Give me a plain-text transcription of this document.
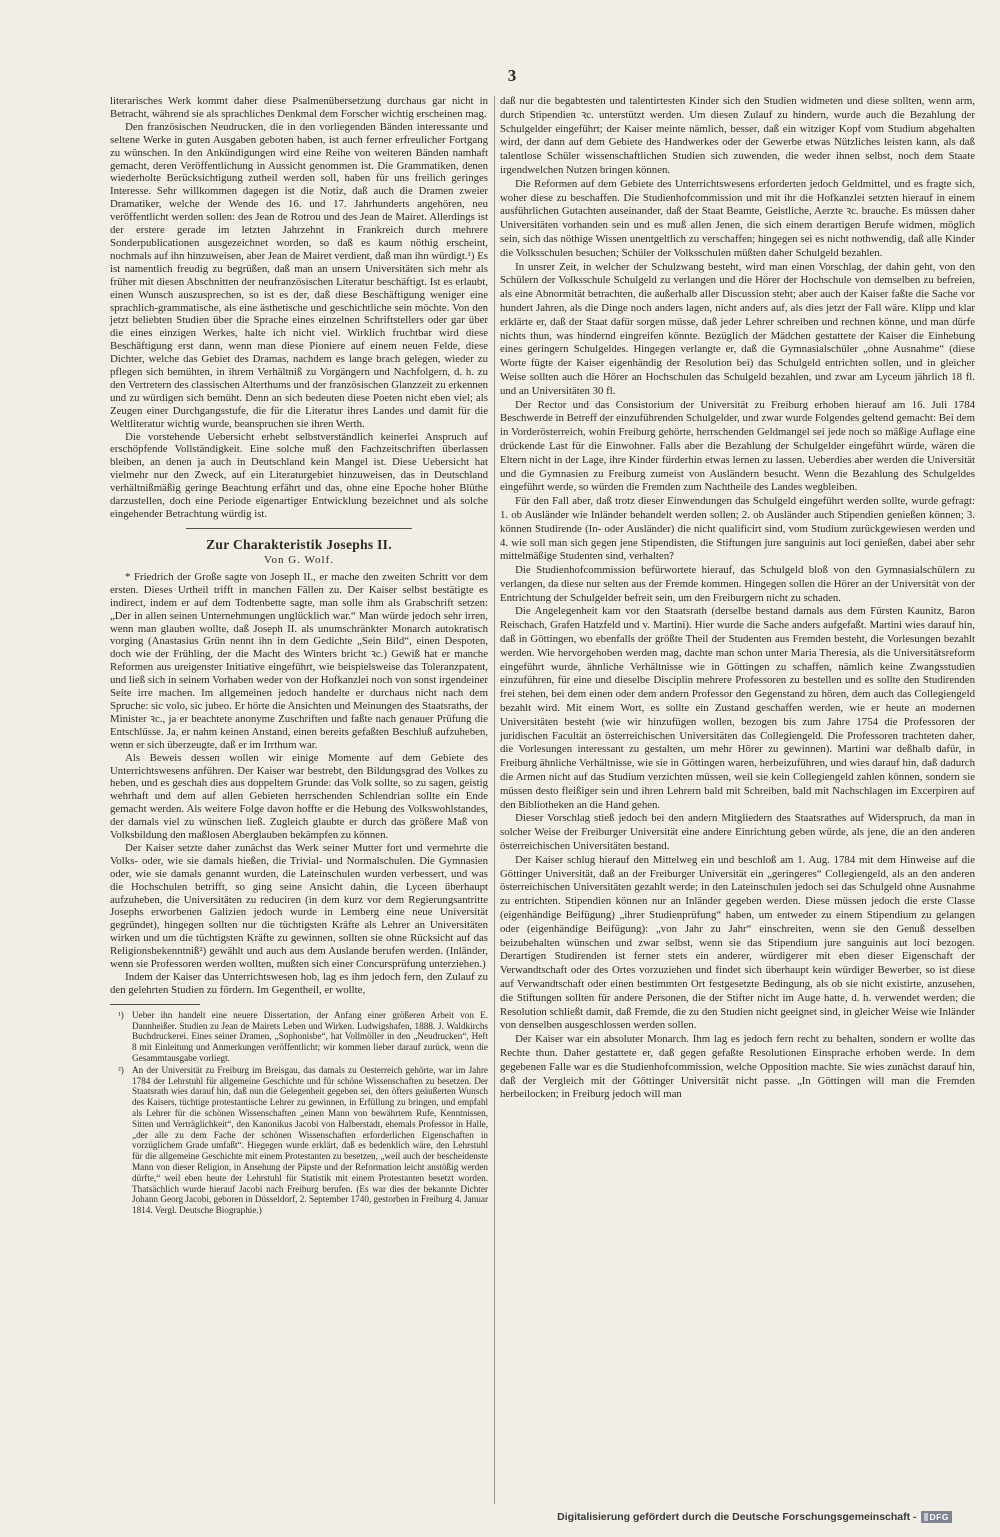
3

literarisches Werk kommt daher diese Psalmenübersetzung durchaus gar nicht in Betracht, während sie als sprachliches Denkmal dem Forscher wichtig erscheinen mag.

Den französischen Neudrucken, die in den vorliegenden Bänden interessante und seltene Werke in guten Ausgaben geboten haben, ist auch ferner erfreulicher Fortgang zu wünschen. In den Ankündigungen wird eine Reihe von weiteren Bänden namhaft gemacht, deren Veröffentlichung in Aussicht genommen ist. Die Grammatiken, denen wiederholte Berücksichtigung zutheil werden soll, haben für uns freilich geringes Interesse. Sehr willkommen dagegen ist die Notiz, daß auch die Dramen zweier Dramatiker, welche der Wende des 16. und 17. Jahrhunderts angehören, neu veröffentlicht werden sollen: des Jean de Rotrou und des Jean de Mairet. Allerdings ist der erstere gerade im letzten Jahrzehnt in Frankreich durch mehrere Sonderpublicationen ausgezeichnet worden, so daß es kaum nöthig erscheint, nochmals auf ihn hinzuweisen, aber Jean de Mairet verdient, daß man ihn würdigt.¹) Es ist namentlich freudig zu begrüßen, daß man an unsern Universitäten sich mehr als früher mit diesen Abschnitten der neufranzösischen Literatur beschäftigt. Ist es erlaubt, einen Wunsch auszusprechen, so ist es der, daß diese Beschäftigung weniger eine sprachlich-grammatische, als eine ästhetische und geschichtliche sein möchte. Von den jetzt beliebten Studien über die Sprache eines einzelnen Schriftstellers oder gar über die eines einzigen Werkes, halte ich nicht viel. Wirklich fruchtbar wird diese Beschäftigung erst dann, wenn man diese Pioniere auf einem neuen Felde, diese Dichter, welche das Gebiet des Dramas, nachdem es lange brach gelegen, wieder zu pflegen sich bemühten, in ihrem Verhältniß zu Vorgängern und Nachfolgern, d. h. zu den Vertretern des classischen Alterthums und der französischen Glanzzeit zu erkennen und zu würdigen sich bemüht. Denn an sich bedeuten diese Poeten nicht eben viel; als Zeugen einer Durchgangsstufe, die für die Literatur ihres Landes und damit für die Weltliteratur wichtig wurde, beanspruchen sie ihren Werth.

Die vorstehende Uebersicht erhebt selbstverständlich keinerlei Anspruch auf erschöpfende Vollständigkeit. Eine solche muß den Fachzeitschriften überlassen bleiben, an denen ja auch in Deutschland kein Mangel ist. Diese Uebersicht hat vielmehr nur den Zweck, auf ein Literaturgebiet hinzuweisen, das in Deutschland verhältnißmäßig geringe Beachtung erfährt und das, ohne eine Epoche hoher Blüthe darzustellen, doch eine Periode eigenartiger Entwicklung bezeichnet und als solche eingehender Betrachtung würdig ist.

Zur Charakteristik Josephs II.
Von G. Wolf.

* Friedrich der Große sagte von Joseph II., er mache den zweiten Schritt vor dem ersten. Dieses Urtheil trifft in manchen Fällen zu. Der Kaiser selbst bestätigte es indirect, indem er auf dem Todtenbette sagte, man solle ihm als Grabschrift setzen: „Der in allen seinen Unternehmungen unglücklich war.“ Man würde jedoch sehr irren, wenn man glauben wollte, daß Joseph II. als unumschränkter Monarch autokratisch vorging (Anastasius Grün nennt ihn in dem Gedichte „Sein Bild“, einen Despoten, doch wie der Frühling, der die Macht des Winters bricht ꝛc.) Gewiß hat er manche Reformen aus ureigenster Initiative eingeführt, wie beispielsweise das Toleranzpatent, und ließ sich in seinem Vorhaben weder von der Hofkanzlei noch von sonst irgendeiner Seite irre machen. Im allgemeinen jedoch handelte er durchaus nicht nach dem Spruche: sic volo, sic jubeo. Er hörte die Ansichten und Meinungen des Staatsraths, der Minister ꝛc., ja er beachtete anonyme Zuschriften und faßte nach genauer Prüfung die Entschlüsse. Ja, er nahm keinen Anstand, einen bereits gefaßten Beschluß aufzuheben, wenn er sich überzeugte, daß er im Irrthum war.

Als Beweis dessen wollen wir einige Momente auf dem Gebiete des Unterrichtswesens anführen. Der Kaiser war bestrebt, den Bildungsgrad des Volkes zu heben, und es geschah dies aus doppeltem Grunde: das Volk sollte, so zu sagen, geistig wehrhaft und dem auf allen Gebieten herrschenden Schlendrian sollte ein Ende gemacht werden. Als weitere Folge davon hoffte er die Hebung des Volkswohlstandes, der damals viel zu wünschen ließ. Zugleich glaubte er durch das größere Maß von Volksbildung den maßlosen Aberglauben bekämpfen zu können.

Der Kaiser setzte daher zunächst das Werk seiner Mutter fort und vermehrte die Volks- oder, wie sie damals hießen, die Trivial- und Normalschulen. Die Gymnasien oder, wie sie damals genannt wurden, die Lateinschulen wurden verbessert, und was die Hochschulen betrifft, so ging seine Ansicht dahin, die Lyceen überhaupt aufzuheben, die Universitäten zu reduciren (in dem kurz vor dem Regierungsantritte Josephs erworbenen Galizien jedoch wurde in Lemberg eine neue Universität gegründet), hingegen sollten nur die tüchtigsten Kräfte als Lehrer an Universitäten wirken und um die tüchtigsten Kräfte zu gewinnen, sollten sie ohne Rücksicht auf das Religionsbekenntniß²) gewählt und auch aus dem Auslande berufen werden. (Inländer, wenn sie Professoren werden wollten, mußten sich einer Concursprüfung unterziehen.)

Indem der Kaiser das Unterrichtswesen hob, lag es ihm jedoch fern, den Zulauf zu den gelehrten Studien zu fördern. Im Gegentheil, er wollte,

¹) Ueber ihn handelt eine neuere Dissertation, der Anfang einer größeren Arbeit von E. Dannheißer. Studien zu Jean de Mairets Leben und Wirken. Ludwigshafen, 1888. J. Waldkirchs Buchdruckerei. Eines seiner Dramen, „Sophonisbe“, hat Vollmöller in den „Neudrucken“, Heft 8 mit Einleitung und Anmerkungen veröffentlicht; wir kommen lieber darauf zurück, wenn die Gesammtausgabe vorliegt.
²) An der Universität zu Freiburg im Breisgau, das damals zu Oesterreich gehörte, war im Jahre 1784 der Lehrstuhl für allgemeine Geschichte und für schöne Wissenschaften zu besetzen. Der Staatsrath wies darauf hin, daß nun die Gelegenheit gegeben sei, den öfters geäußerten Wunsch des Kaisers, tüchtige protestantische Lehrer zu gewinnen, in Erfüllung zu bringen, und empfahl als Lehrer für die schönen Wissenschaften „einen Mann von bewährtem Rufe, Kenntnissen, Sitten und Verträglichkeit“, den Kanonikus Jacobi von Halberstadt, ehemals Professor in Halle, „der alle zu dem Fache der schönen Wissenschaften erforderlichen Eigenschaften in vorzüglichem Grade umfaßt“. Hiegegen wurde erklärt, daß es bedenklich wäre, den Lehrstuhl für die allgemeine Geschichte mit einem Protestanten zu besetzen, „weil auch der bescheidenste Mann von dieser Religion, in Ansehung der Päpste und der Reformation leicht anstößig werden dürfte,“ weil eben heute der Lehrstuhl für Statistik mit einem Protestanten besetzt worden. Thatsächlich wurde hierauf Jacobi nach Freiburg berufen. (Es war dies der bekannte Dichter Johann Georg Jacobi, geboren in Düsseldorf, 2. September 1740, gestorben in Freiburg 4. Januar 1814. Vergl. Deutsche Biographie.)

daß nur die begabtesten und talentirtesten Kinder sich den Studien widmeten und diese sollten, wenn arm, durch Stipendien ꝛc. unterstützt werden. Um diesen Zulauf zu hindern, wurde auch die Bezahlung der Schulgelder eingeführt; der Kaiser meinte nämlich, besser, daß ein witziger Kopf vom Studium abgehalten wird, der dann auf dem Gebiete des Handwerkes oder der Gewerbe etwas Nützliches leisten kann, als daß talentlose Schüler wissenschaftlichen Studien sich zuwenden, die weder ihnen selbst, noch dem Staate irgendwelchen Nutzen bringen können.

Die Reformen auf dem Gebiete des Unterrichtswesens erforderten jedoch Geldmittel, und es fragte sich, woher diese zu beschaffen. Die Studienhofcommission und mit ihr die Hofkanzlei setzten hierauf in einem ausführlichen Gutachten auseinander, daß der Staat Beamte, Geistliche, Aerzte ꝛc. brauche. Es müssen daher Universitäten vorhanden sein und es muß allen Jenen, die sich einem derartigen Berufe widmen, möglich sein, sich das nöthige Wissen unentgeltlich zu verschaffen; hingegen sei es nicht nothwendig, daß alle Kinder die Volksschulen besuchen; Schüler der Volksschulen müßten daher Schulgeld bezahlen.

In unsrer Zeit, in welcher der Schulzwang besteht, wird man einen Vorschlag, der dahin geht, von den Schülern der Volksschule Schulgeld zu verlangen und die Hörer der Hochschule von demselben zu befreien, als eine Abnormität betrachten, die außerhalb aller Discussion steht; aber auch der Kaiser faßte die Sache vor hundert Jahren, als die Dinge noch anders lagen, nicht anders auf, als dies jetzt der Fall wäre. Klipp und klar erklärte er, daß der Staat dafür sorgen müsse, daß jeder Lehrer schreiben und rechnen könne, und man dürfe nichts thun, was hindernd eingreifen könnte. Bezüglich der Mädchen gestattete der Kaiser die Einhebung eines geringern Schulgeldes. Hingegen verlangte er, daß die Gymnasialschüler „ohne Ausnahme“ (diese Worte fügte der Kaiser eigenhändig der Resolution bei) das Schulgeld entrichten sollen, und in gleicher Weise sollten auch die Hörer an Hochschulen das Schulgeld bezahlen, und zwar am Lyceum jährlich 18 fl. und an Universitäten 30 fl.

Der Rector und das Consistorium der Universität zu Freiburg erhoben hierauf am 16. Juli 1784 Beschwerde in Betreff der einzuführenden Schulgelder, und zwar wurde Folgendes geltend gemacht: Bei dem in Vorderösterreich, wohin Freiburg gehörte, herrschenden Geldmangel sei jede noch so mäßige Auflage eine drückende Last für die Einwohner. Falls aber die Bezahlung der Schulgelder eingeführt würde, wären die Eltern nicht in der Lage, ihre Kinder fürderhin etwas lernen zu lassen. Ueberdies aber werden die Universität und die Gymnasien zu Freiburg zumeist von Ausländern besucht. Wenn die Bezahlung des Schulgeldes eingeführt werde, so würden die Fremden zum Nachtheile des Landes wegbleiben.

Für den Fall aber, daß trotz dieser Einwendungen das Schulgeld eingeführt werden sollte, wurde gefragt: 1. ob Ausländer wie Inländer behandelt werden sollen; 2. ob Ausländer auch Stipendien genießen können; 3. können Studirende (In- oder Ausländer) die nicht qualificirt sind, vom Studium zurückgewiesen werden und 4. wie soll man sich gegen jene Stipendisten, die Stiftungen jure sanguinis aut loci genießen, dabei aber sehr mittelmäßige Studenten sind, verhalten?

Die Studienhofcommission befürwortete hierauf, das Schulgeld bloß von den Gymnasialschülern zu verlangen, da diese nur selten aus der Fremde kommen. Hingegen sollen die Hörer an der Universität von der Entrichtung der Schulgelder befreit sein, um den Freiburgern nicht zu schaden.

Die Angelegenheit kam vor den Staatsrath (derselbe bestand damals aus dem Fürsten Kaunitz, Baron Reischach, Grafen Hatzfeld und v. Martini). Hier wurde die Sache anders aufgefaßt. Martini wies darauf hin, daß in Göttingen, wo ebenfalls der größte Theil der Studenten aus Fremden besteht, die Vorlesungen bezahlt werden. Wie hervorgehoben werden mag, dachte man schon unter Maria Theresia, als die Universitätsreform eingeführt wurde, ähnliche Verhältnisse wie in Göttingen zu schaffen, nämlich keine Zwangsstudien einzuführen, für eine und dieselbe Disciplin mehrere Professoren zu bestellen und es sollte den Studirenden frei stehen, bei dem einen oder dem andern Professor den Gegenstand zu hören, dem auch das Collegiengeld bezahlt wird. Mit einem Wort, es sollte ein Zustand geschaffen werden, wie er heute an modernen Universitäten besteht (wie wir hinzufügen wollen, bezogen bis zum Jahre 1754 die Professoren der juridischen Facultät an österreichischen Universitäten das Collegiengeld. Die Professoren trachteten daher, die Vorlesungen interessant zu gestalten, um mehr Hörer zu gewinnen). Martini war deßhalb dafür, in Freiburg ähnliche Verhältnisse, wie sie in Göttingen waren, herbeizuführen, und wies darauf hin, daß dadurch die Armen nicht auf das Studium verzichten müssen, weil sie kein Collegiengeld zahlen können, sondern sie müssen desto fleißiger sein und ihren Lehrern bald mit Schreiben, bald mit Nachschlagen im Excerpiren auf den Bibliotheken an die Hand gehen.

Dieser Vorschlag stieß jedoch bei den andern Mitgliedern des Staatsrathes auf Widerspruch, da man in solcher Weise der Freiburger Universität eine andere Einrichtung geben würde, als jene, die an den anderen österreichischen Universitäten bestand.

Der Kaiser schlug hierauf den Mittelweg ein und beschloß am 1. Aug. 1784 mit dem Hinweise auf die Göttinger Universität, daß an der Freiburger Universität ein „geringeres“ Collegiengeld, als an den anderen österreichischen Universitäten gezahlt werde; in den Lateinschulen jedoch sei das Schulgeld ohne Ausnahme zu entrichten. Stipendien können nur an Inländer gegeben werden. Diese müssen jedoch die erste Classe (eigenhändige Beifügung) „ihrer Studienprüfung“ haben, um entweder zu einem Stipendium zu gelangen oder (eigenhändige Beifügung): „von Jahr zu Jahr“ einschreiten, wenn sie den Genuß desselben beizubehalten wünschen und zwar selbst, wenn sie das Stipendium jure sanguinis aut loci bezogen. Derartigen Studirenden ist ferner stets ein anderer, würdigerer mit eben dieser Eigenschaft der Verwandtschaft oder des Ortes vorzuziehen und findet sich überhaupt kein würdiger Bewerber, so ist diese auf Verwandtschaft oder einen bestimmten Ort festgesetzte Bedingung, als ob sie nicht existirte, anzusehen, die Stiftungen sollten für andere Personen, die der Stifter nicht im Auge hatte, d. h. verwendet werden; die Resolution schließt damit, daß Fremde, die zu den Studien nicht geeignet sind, in gleicher Weise wie Inländer von denselben ausgeschlossen werden sollen.

Der Kaiser war ein absoluter Monarch. Ihm lag es jedoch fern recht zu behalten, sondern er wollte das Rechte thun. Daher gestattete er, daß gegen gefaßte Resolutionen Einsprache erhoben werde. In dem gegebenen Falle war es die Studienhofcommission, welche Opposition machte. Sie wies zunächst darauf hin, daß der Vergleich mit der Göttinger Universität nicht passe. „In Göttingen will man die Fremden herbeilocken; in Freiburg jedoch will man

Digitalisierung gefördert durch die Deutsche Forschungsgemeinschaft - DFG
